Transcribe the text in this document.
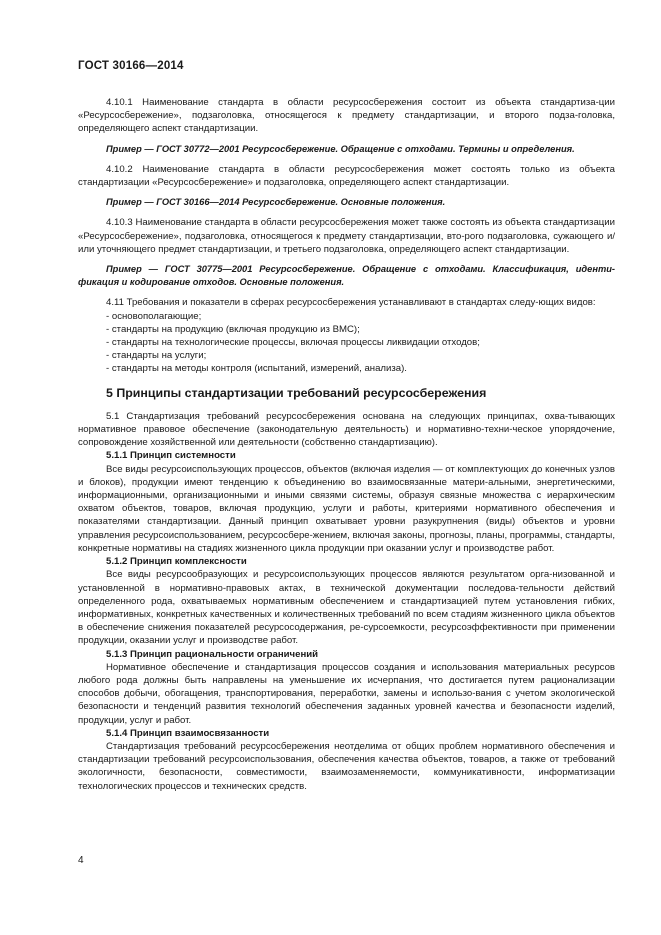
ГОСТ 30166—2014

4.10.1 Наименование стандарта в области ресурсосбережения состоит из объекта стандартиза-ции «Ресурсосбережение», подзаголовка, относящегося к предмету стандартизации, и второго подза-головка, определяющего аспект стандартизации.

Пример — ГОСТ 30772—2001 Ресурсосбережение. Обращение с отходами. Термины и определения.

4.10.2 Наименование стандарта в области ресурсосбережения может состоять только из объекта стандартизации «Ресурсосбережение» и подзаголовка, определяющего аспект стандартизации.

Пример — ГОСТ 30166—2014 Ресурсосбережение. Основные положения.

4.10.3 Наименование стандарта в области ресурсосбережения может также состоять из объекта стандартизации «Ресурсосбережение», подзаголовка, относящегося к предмету стандартизации, вто-рого подзаголовка, сужающего и/или уточняющего предмет стандартизации, и третьего подзаголовка, определяющего аспект стандартизации.

Пример — ГОСТ 30775—2001 Ресурсосбережение. Обращение с отходами. Классификация, иденти-фикация и кодирование отходов. Основные положения.

4.11 Требования и показатели в сферах ресурсосбережения устанавливают в стандартах следу-ющих видов:

- основополагающие;

- стандарты на продукцию (включая продукцию из ВМС);

- стандарты на технологические процессы, включая процессы ликвидации отходов;

- стандарты на услуги;

- стандарты на методы контроля (испытаний, измерений, анализа).

5 Принципы стандартизации требований ресурсосбережения

5.1 Стандартизация требований ресурсосбережения основана на следующих принципах, охва-тывающих нормативное правовое обеспечение (законодательную деятельность) и нормативно-техни-ческое упорядочение, сопровождение хозяйственной или деятельности (собственно стандартизацию).

5.1.1 Принцип системности

Все виды ресурсоиспользующих процессов, объектов (включая изделия — от комплектующих до конечных узлов и блоков), продукции имеют тенденцию к объединению во взаимосвязанные матери-альными, энергетическими, информационными, организационными и иными связями системы, образуя связные множества с иерархическим охватом объектов, товаров, включая продукцию, услуги и работы, критериями нормативного обеспечения и показателями стандартизации. Данный принцип охватывает уровни разукрупнения (виды) объектов и уровни управления ресурсоиспользованием, ресурсосбере-жением, включая законы, прогнозы, планы, программы, стандарты, конкретные нормативы на стадиях жизненного цикла продукции при оказании услуг и производстве работ.

5.1.2 Принцип комплексности

Все виды ресурсообразующих и ресурсоиспользующих процессов являются результатом орга-низованной и установленной в нормативно-правовых актах, в технической документации последова-тельности действий определенного рода, охватываемых нормативным обеспечением и стандартизацией путем установления гибких, информативных, конкретных качественных и количественных требований по всем стадиям жизненного цикла объектов в обеспечение снижения показателей ресурсосодержания, ре-сурсоемкости, ресурсоэффективности при применении продукции, оказании услуг и производстве работ.

5.1.3 Принцип рациональности ограничений

Нормативное обеспечение и стандартизация процессов создания и использования материальных ресурсов любого рода должны быть направлены на уменьшение их исчерпания, что достигается путем рационализации способов добычи, обогащения, транспортирования, переработки, замены и использо-вания с учетом экологической безопасности и тенденций развития технологий обеспечения заданных уровней качества и безопасности изделий, продукции, услуг и работ.

5.1.4 Принцип взаимосвязанности

Стандартизация требований ресурсосбережения неотделима от общих проблем нормативного обеспечения и стандартизации требований ресурсоиспользования, обеспечения качества объектов, товаров, а также от требований экологичности, безопасности, совместимости, взаимозаменяемости, коммуникативности, информатизации технологических процессов и технических средств.

4
